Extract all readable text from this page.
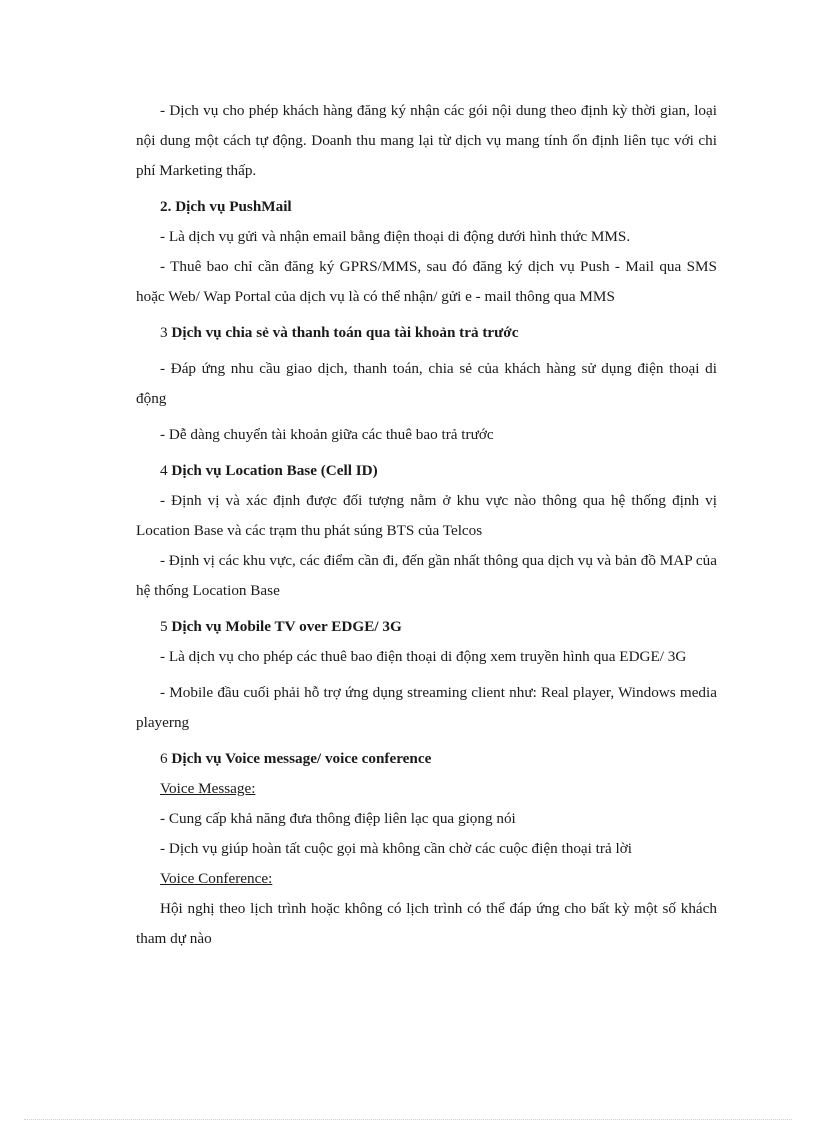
- Dịch vụ cho phép khách hàng đăng ký nhận các gói nội dung theo định kỳ thời gian, loại nội dung một cách tự động. Doanh thu mang lại từ dịch vụ mang tính ổn định liên tục với chi phí Marketing thấp.

2. Dịch vụ PushMail

- Là dịch vụ gửi và nhận email bằng điện thoại di động dưới hình thức MMS.

- Thuê bao chỉ cần đăng ký GPRS/MMS, sau đó đăng ký dịch vụ Push - Mail qua SMS hoặc Web/ Wap Portal của dịch vụ là có thể nhận/ gửi e - mail thông qua MMS

3 Dịch vụ chia sẻ và thanh toán qua tài khoản trả trước

- Đáp ứng nhu cầu giao dịch, thanh toán, chia sẻ của khách hàng sử dụng điện thoại di động

- Dễ dàng chuyển tài khoản giữa các thuê bao trả trước

4 Dịch vụ Location Base (Cell ID)

- Định vị và xác định được đối tượng nằm ở khu vực nào thông qua hệ thống định vị Location Base và các trạm thu phát súng BTS của Telcos

- Định vị các khu vực, các điểm cần đi, đến gần nhất thông qua dịch vụ và bản đồ MAP của hệ thống Location Base

5 Dịch vụ Mobile TV over EDGE/ 3G

- Là dịch vụ cho phép các thuê bao điện thoại di động xem truyền hình qua EDGE/ 3G

- Mobile đầu cuối phải hỗ trợ ứng dụng streaming client như: Real player, Windows media playerng

6 Dịch vụ Voice message/ voice conference

Voice Message:

- Cung cấp khả năng đưa thông điệp liên lạc qua giọng nói

- Dịch vụ giúp hoàn tất cuộc gọi mà không cần chờ các cuộc điện thoại trả lời

Voice Conference:

Hội nghị theo lịch trình hoặc không có lịch trình có thể đáp ứng cho bất kỳ một số khách tham dự nào
